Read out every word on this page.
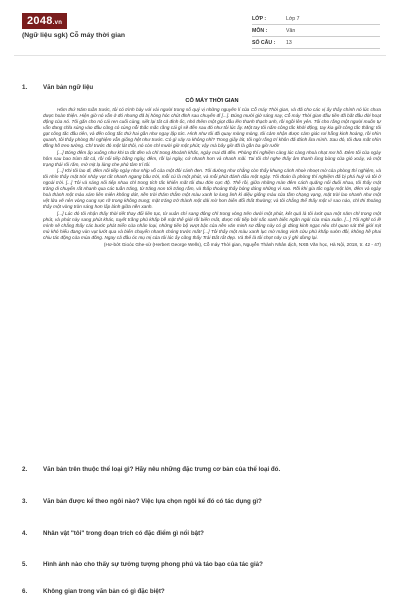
2048.vn
(Ngữ liệu sgk) Cỗ máy thời gian
LỚP :	Lớp 7
MÔN :	Văn
SỐ CÂU :	13
1.	Văn bản ngữ liệu
CỖ MÁY THỜI GIAN

Hôm thứ Năm tuần trước, tôi có trình bày với vài người trong số quý vị những nguyên lí của Cỗ máy Thời gian, và đã cho các vị ấy thấy chính nó lúc chưa được hoàn thiện. Hiện giờ nó vẫn ở đó nhưng đã bị hỏng hóc chút đỉnh sau chuyến đi [...]. Đúng mười giờ sáng nay, Cỗ máy Thời gian đầu tiên đã bắt đầu đời hoạt động của nó. Tôi gắn cho nó cái ren cuối cùng, siết lại tất cả đinh ốc, nhỏ thêm một giọt dầu lên thanh thạch anh, rồi ngồi lên yên. Tôi cho rằng một người muốn tự vẫn đang chĩa súng vào đầu cũng có cùng nỗi thắc mắc rằng cái gì sẽ đến sau đó như tôi lúc ấy. Một tay tôi nắm công tắc khởi động, tay kia giữ công tắc thắng; tôi gạt công tắc đầu tiên, và đến công tắc thứ hai gần như ngay lập tức. Hình như tôi đã quay mòng mòng, tôi cảm nhận được cảm giác rơi hẫng kinh hoàng, rồi nhìn quanh, tôi thấy phòng thí nghiệm vẫn giống hệt như trước. Có gì xảy ra không nhỉ? Trong giây lát, tôi ngờ rằng trí khôn đã đánh lừa mình. Sau đó, tôi đưa mắt nhìn đồng hồ treo tường. Chỉ trước đó một lát thôi, nó còn chỉ mười giờ một phút; vậy mà bây giờ đã là gần ba giờ rưỡi!

[...] Bóng đêm ập xuống như khi ta tắt đèn và chỉ trong khoảnh khắc, ngày mai đã đến. Phòng thí nghiệm càng lúc càng nhoà nhạt mơ hồ. Đêm tối của ngày hôm sau bao trùm tất cả, rồi nối tiếp bằng ngày, đêm, rồi lại ngày, cứ nhanh hơn và nhanh mãi. Tai tôi chỉ nghe thấy âm thanh lùng bùng của gió xoáy, và một trạng thái rối rắm, mờ mịt lạ lùng che phủ tâm trí tôi.

[...] Khi tôi lao đi, đêm nối tiếp ngày như nhịp vỗ của một đôi cánh đen. Tôi dường như chẳng còn thấy khung cảnh nhoè nhoẹt mờ của phòng thí nghiệm, và tôi nhìn thấy mặt trời nhảy vọt rất nhanh ngang bầu trời, mỗi cú là một phút, và mỗi phút đánh dấu một ngày. Tôi đoán là phòng thí nghiệm đã bị phá huỷ và tôi ở ngoài trời. [...] Tôi và sáng nối tiếp nhau chỉ trong tích tắc khiến mắt tôi đau đớn cực độ. Thế rồi, giữa những màn đêm cách quãng nối đuôi nhau, tôi thấy mặt trăng di chuyển rất nhanh qua các tuần trăng, từ trăng non tới trăng rằm, và thấp thoáng thấy bóng dáng những vì sao. Rồi khi gia tốc ngày một lớn, đêm và ngày hoà thành một màu xám liên miên không dứt, nền trời thăm thẳm một màu xanh lơ lung linh kì diệu giống màu của tầm chạng vạng, mặt trời lao nhanh như một vệt lửa vẽ nên vòng cung rực rỡ trong không trung; mặt trăng trở thành một dải mờ hơn biến đổi thất thường; và tôi chẳng thể thấy một vì sao nào, chỉ thi thoảng thấy một vòng tròn sáng hơn lấp lánh giữa nền xanh.

[...] Lúc đó tôi nhận thấy thời tiết thay đổi liên tục, từ xuân chí sang đông chỉ trong vòng trên dưới một phút, kết quả là tôi lướt qua một năm chỉ trong một phút, và phút này sang phút khác, tuyết trắng phủ khắp bề mặt thế giới rồi biến mất, được nối tiếp bởi sắc xanh biếc ngắn ngủi của mùa xuân. [...] Tôi nghĩ có lẽ mình sẽ chẳng thấy các bước phát triển của nhân loại, những tiến bộ vượt bậc của nền văn minh sơ đẳng này có gì đáng kinh ngạc nếu chỉ quan sát thế giới mịt mù khó hiểu đang vùn vụt lướt qua và biến chuyển nhanh chóng trước mắt! [...] Tôi thấy một màu xanh lục mờ mảng vinh cửu phủ khắp sườn đồi, không hề phai chiu tác động của mùa đông. Ngay cả đầu óc mụ mị của tôi lúc ấy cũng thấy Trái Đất rất đẹp. Và thế là tôi chợt nảy ra ý ghì dừng lại.

(Hơ-bớt Gioóc Ghe-xừ (Herbert George Wells), Cỗ máy Thời gian, Nguyễn Thành Nhân dịch, NXB Văn học, Hà Nội, 2018, tr. 42 - 47)
2.	Văn bản trên thuộc thể loại gì? Hãy nêu những đặc trưng cơ bản của thể loại đó.
3.	Văn bản được kể theo ngôi nào? Việc lựa chọn ngôi kể đó có tác dụng gì?
4.	Nhân vật "tôi" trong đoạn trích có đặc điểm gì nổi bật?
5.	Hình ảnh nào cho thấy sự tưởng tượng phong phú và táo bạo của tác giả?
6.	Không gian trong văn bản có gì đặc biệt?
